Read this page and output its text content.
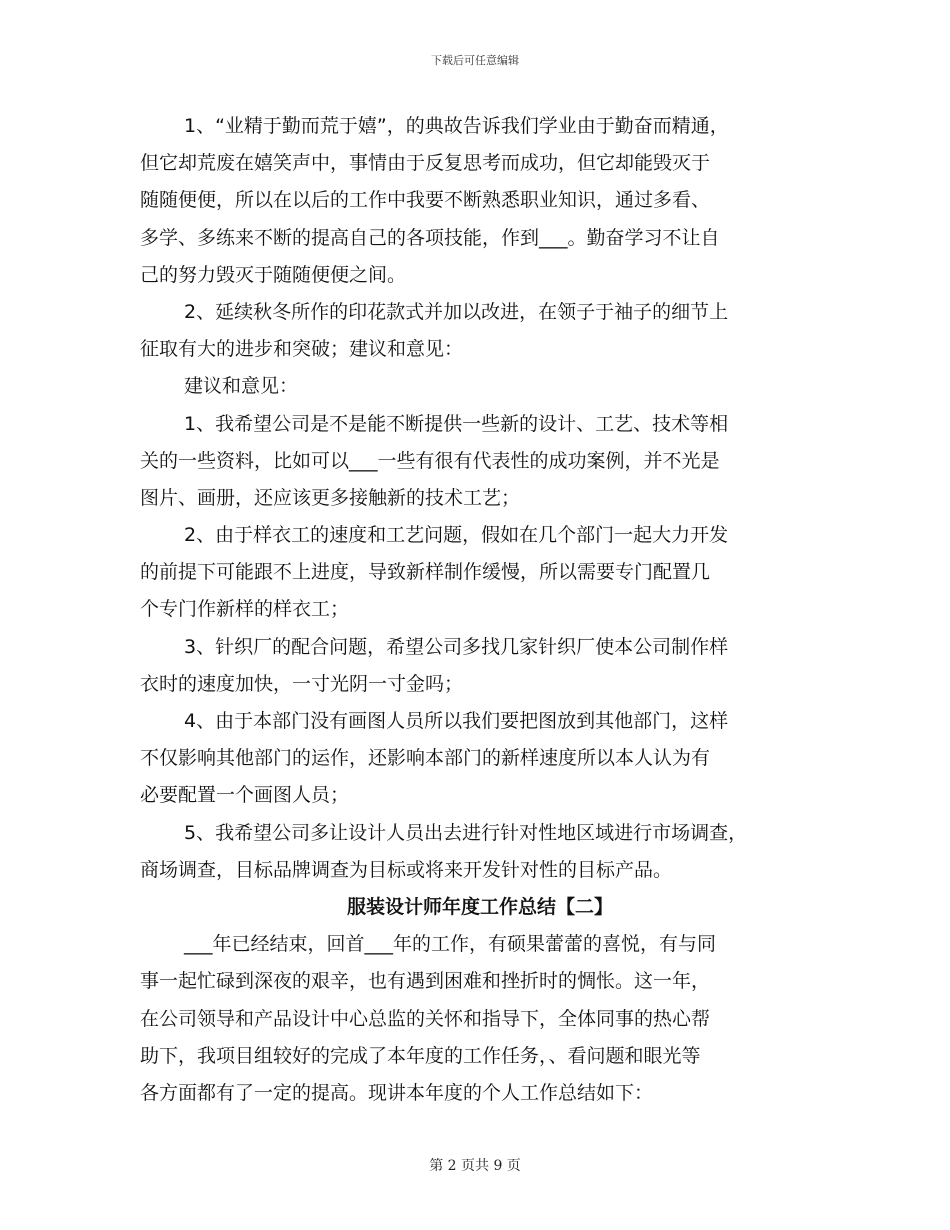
下载后可任意编辑
1、“业精于勤而荒于嬉”，的典故告诉我们学业由于勤奋而精通，
但它却荒废在嬉笑声中，事情由于反复思考而成功，但它却能毁灭于
随随便便，所以在以后的工作中我要不断熟悉职业知识，通过多看、
多学、多练来不断的提高自己的各项技能，作到___。勤奋学习不让自
己的努力毁灭于随随便便之间。
2、延续秋冬所作的印花款式并加以改进，在领子于袖子的细节上
征取有大的进步和突破；建议和意见：
建议和意见：
1、我希望公司是不是能不断提供一些新的设计、工艺、技术等相
关的一些资料，比如可以___一些有很有代表性的成功案例，并不光是
图片、画册，还应该更多接触新的技术工艺；
2、由于样衣工的速度和工艺问题，假如在几个部门一起大力开发
的前提下可能跟不上进度，导致新样制作缓慢，所以需要专门配置几
个专门作新样的样衣工；
3、针织厂的配合问题，希望公司多找几家针织厂使本公司制作样
衣时的速度加快，一寸光阴一寸金吗；
4、由于本部门没有画图人员所以我们要把图放到其他部门，这样
不仅影响其他部门的运作，还影响本部门的新样速度所以本人认为有
必要配置一个画图人员；
5、我希望公司多让设计人员出去进行针对性地区域进行市场调查，
商场调查，目标品牌调查为目标或将来开发针对性的目标产品。
服装设计师年度工作总结【二】
___年已经结束，回首___年的工作，有硕果蕾蕾的喜悦，有与同
事一起忙碌到深夜的艰辛，也有遇到困难和挫折时的惆怅。这一年，
在公司领导和产品设计中心总监的关怀和指导下，全体同事的热心帮
助下，我项目组较好的完成了本年度的工作任务，、看问题和眼光等
各方面都有了一定的提高。现讲本年度的个人工作总结如下：
第 2 页共 9 页
